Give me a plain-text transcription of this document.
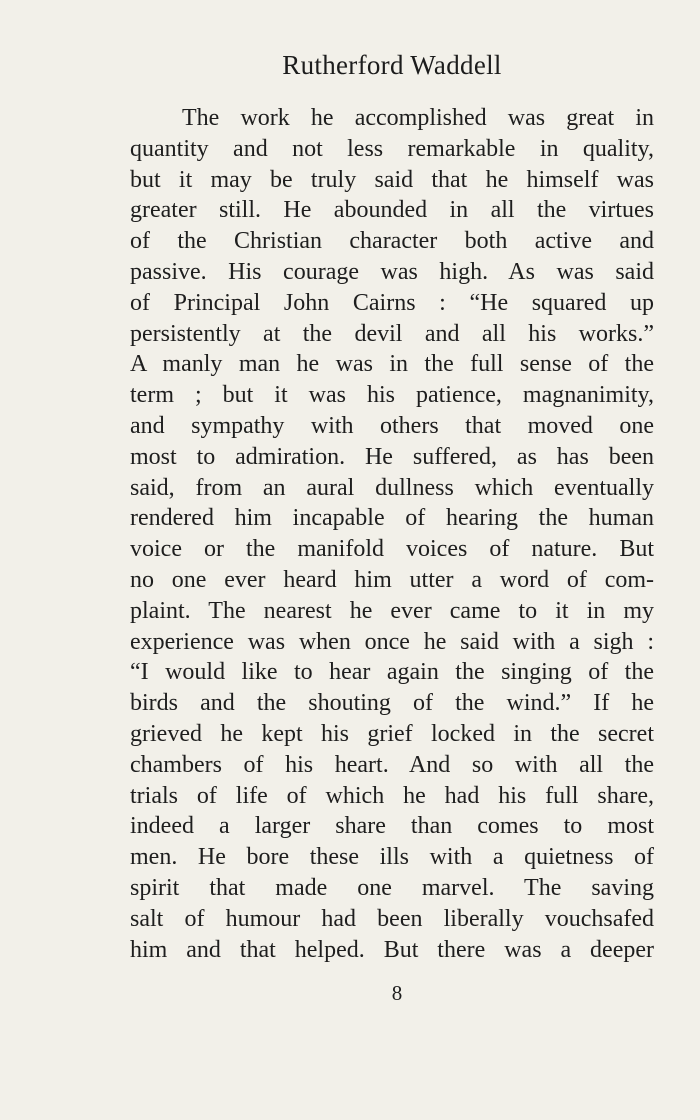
Rutherford Waddell
The work he accomplished was great in
quantity and not less remarkable in quality,
but it may be truly said that he himself was
greater still. He abounded in all the virtues
of the Christian character both active and
passive. His courage was high. As was said
of Principal John Cairns : “He squared up
persistently at the devil and all his works.”
A manly man he was in the full sense of the
term ; but it was his patience, magnanimity,
and sympathy with others that moved one
most to admiration. He suffered, as has been
said, from an aural dullness which eventually
rendered him incapable of hearing the human
voice or the manifold voices of nature. But
no one ever heard him utter a word of com-
plaint. The nearest he ever came to it in my
experience was when once he said with a sigh :
“I would like to hear again the singing of the
birds and the shouting of the wind.” If he
grieved he kept his grief locked in the secret
chambers of his heart. And so with all the
trials of life of which he had his full share,
indeed a larger share than comes to most
men. He bore these ills with a quietness of
spirit that made one marvel. The saving
salt of humour had been liberally vouchsafed
him and that helped. But there was a deeper
8
